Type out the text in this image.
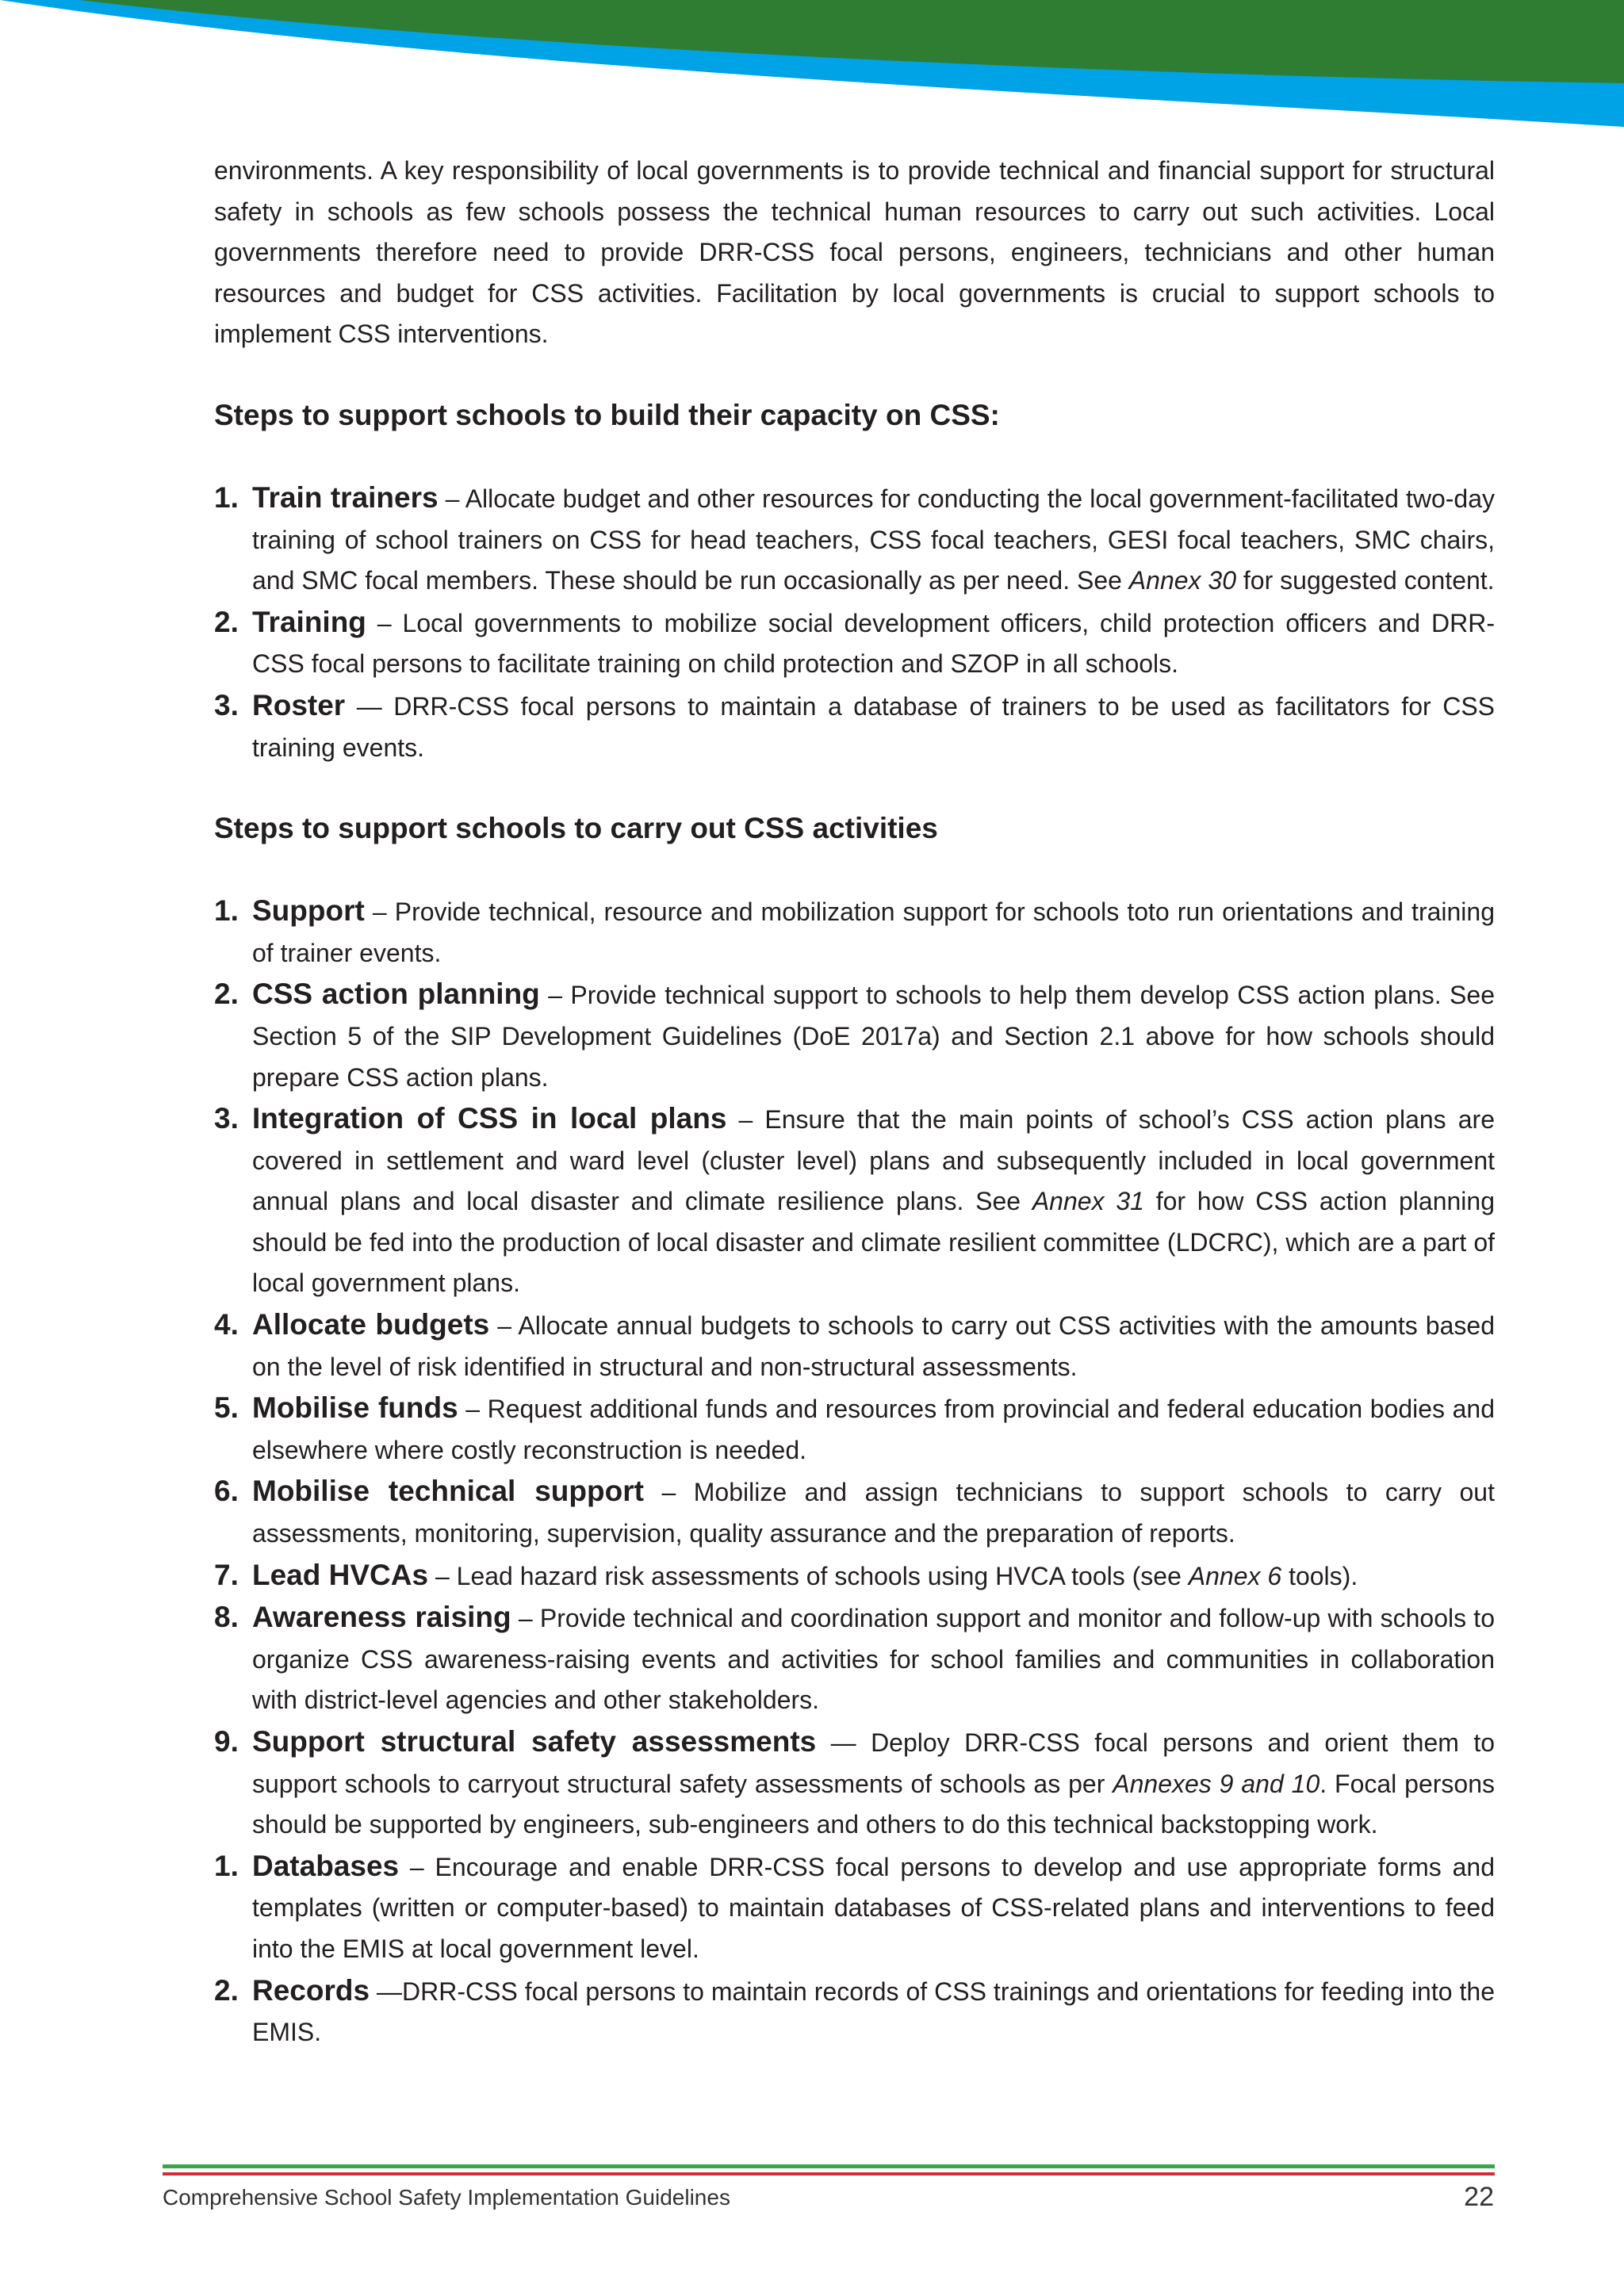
environments. A key responsibility of local governments is to provide technical and financial support for structural safety in schools as few schools possess the technical human resources to carry out such activities. Local governments therefore need to provide DRR-CSS focal persons, engineers, technicians and other human resources and budget for CSS activities. Facilitation by local governments is crucial to support schools to implement CSS interventions.

Steps to support schools to build their capacity on CSS:
1. Train trainers – Allocate budget and other resources for conducting the local government-facilitated two-day training of school trainers on CSS for head teachers, CSS focal teachers, GESI focal teachers, SMC chairs, and SMC focal members. These should be run occasionally as per need. See Annex 30 for suggested content.
2. Training – Local governments to mobilize social development officers, child protection officers and DRR-CSS focal persons to facilitate training on child protection and SZOP in all schools.
3. Roster — DRR-CSS focal persons to maintain a database of trainers to be used as facilitators for CSS training events.
Steps to support schools to carry out CSS activities
1. Support – Provide technical, resource and mobilization support for schools toto run orientations and training of trainer events.
2. CSS action planning – Provide technical support to schools to help them develop CSS action plans. See Section 5 of the SIP Development Guidelines (DoE 2017a) and Section 2.1 above for how schools should prepare CSS action plans.
3. Integration of CSS in local plans – Ensure that the main points of school’s CSS action plans are covered in settlement and ward level (cluster level) plans and subsequently included in local government annual plans and local disaster and climate resilience plans. See Annex 31 for how CSS action planning should be fed into the production of local disaster and climate resilient committee (LDCRC), which are a part of local government plans.
4. Allocate budgets – Allocate annual budgets to schools to carry out CSS activities with the amounts based on the level of risk identified in structural and non-structural assessments.
5. Mobilise funds – Request additional funds and resources from provincial and federal education bodies and elsewhere where costly reconstruction is needed.
6. Mobilise technical support – Mobilize and assign technicians to support schools to carry out assessments, monitoring, supervision, quality assurance and the preparation of reports.
7. Lead HVCAs – Lead hazard risk assessments of schools using HVCA tools (see Annex 6 tools).
8. Awareness raising – Provide technical and coordination support and monitor and follow-up with schools to organize CSS awareness-raising events and activities for school families and communities in collaboration with district-level agencies and other stakeholders.
9. Support structural safety assessments — Deploy DRR-CSS focal persons and orient them to support schools to carryout structural safety assessments of schools as per Annexes 9 and 10. Focal persons should be supported by engineers, sub-engineers and others to do this technical backstopping work.
1. Databases – Encourage and enable DRR-CSS focal persons to develop and use appropriate forms and templates (written or computer-based) to maintain databases of CSS-related plans and interventions to feed into the EMIS at local government level.
2. Records —DRR-CSS focal persons to maintain records of CSS trainings and orientations for feeding into the EMIS.
Comprehensive School Safety Implementation Guidelines	22
